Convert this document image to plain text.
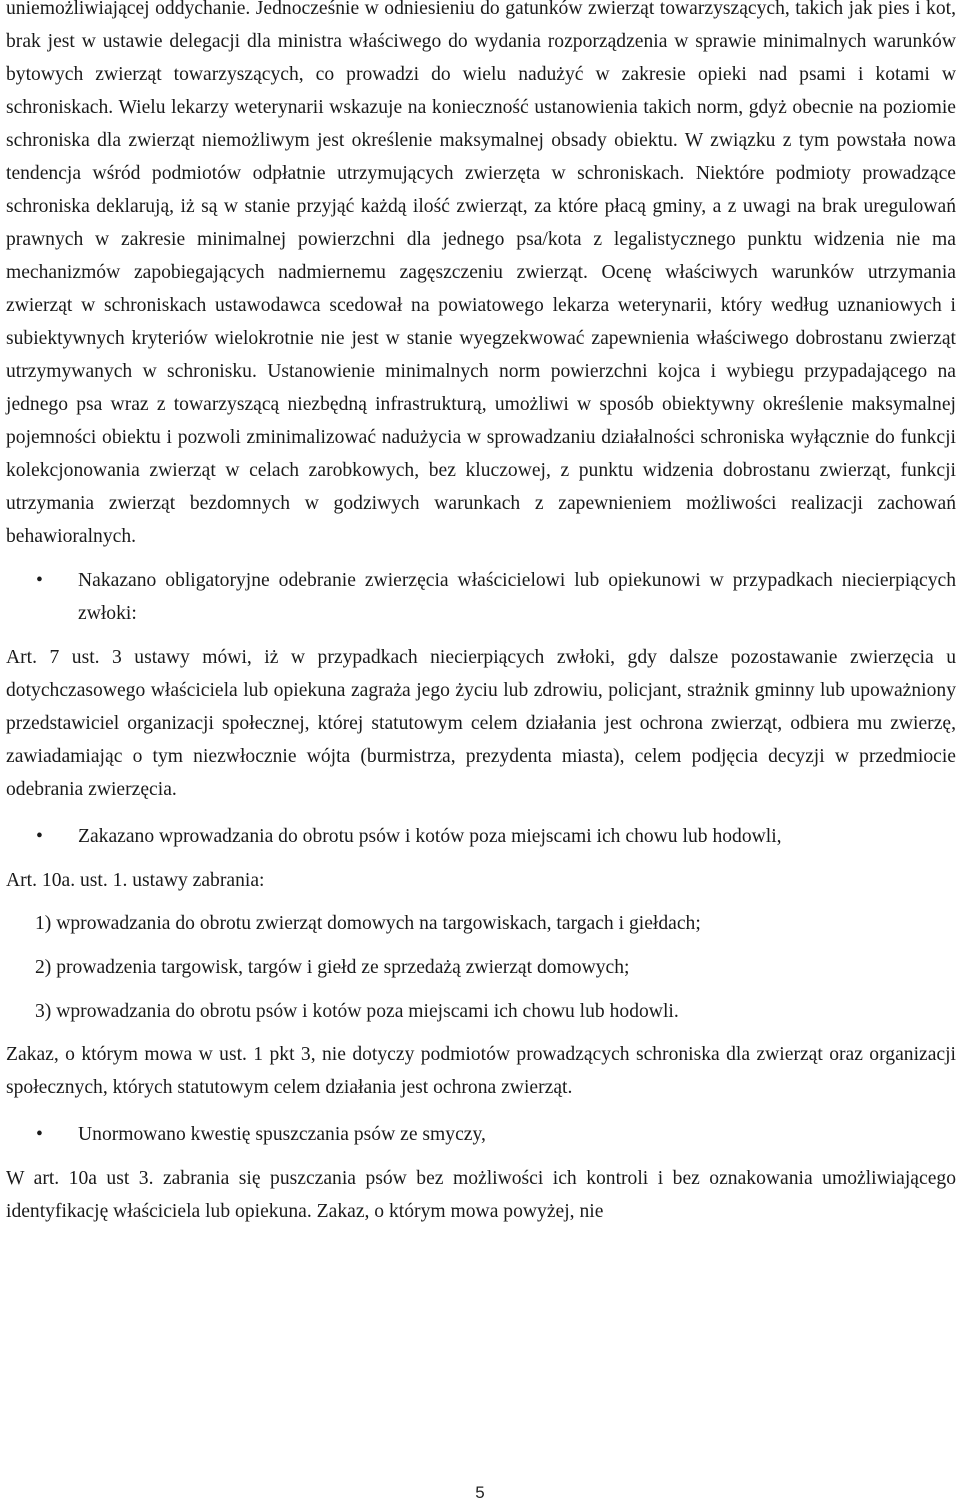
uniemożliwiającej oddychanie. Jednocześnie w odniesieniu do gatunków zwierząt towarzyszących, takich jak pies i kot, brak jest w ustawie delegacji dla ministra właściwego do wydania rozporządzenia w sprawie minimalnych warunków bytowych zwierząt towarzyszących, co prowadzi do wielu nadużyć w zakresie opieki nad psami i kotami w schroniskach. Wielu lekarzy weterynarii wskazuje na konieczność ustanowienia takich norm, gdyż obecnie na poziomie schroniska dla zwierząt niemożliwym jest określenie maksymalnej obsady obiektu. W związku z tym powstała nowa tendencja wśród podmiotów odpłatnie utrzymujących zwierzęta w schroniskach. Niektóre podmioty prowadzące schroniska deklarują, iż są w stanie przyjąć każdą ilość zwierząt, za które płacą gminy, a z uwagi na brak uregulowań prawnych w zakresie minimalnej powierzchni dla jednego psa/kota z legalistycznego punktu widzenia nie ma mechanizmów zapobiegających nadmiernemu zagęszczeniu zwierząt. Ocenę właściwych warunków utrzymania zwierząt w schroniskach ustawodawca scedował na powiatowego lekarza weterynarii, który według uznaniowych i subiektywnych kryteriów wielokrotnie nie jest w stanie wyegzekwować zapewnienia właściwego dobrostanu zwierząt utrzymywanych w schronisku. Ustanowienie minimalnych norm powierzchni kojca i wybiegu przypadającego na jednego psa wraz z towarzyszącą niezbędną infrastrukturą, umożliwi w sposób obiektywny określenie maksymalnej pojemności obiektu i pozwoli zminimalizować nadużycia w sprowadzaniu działalności schroniska wyłącznie do funkcji kolekcjonowania zwierząt w celach zarobkowych, bez kluczowej, z punktu widzenia dobrostanu zwierząt, funkcji utrzymania zwierząt bezdomnych w godziwych warunkach z zapewnieniem możliwości realizacji zachowań behawioralnych.

• Nakazano obligatoryjne odebranie zwierzęcia właścicielowi lub opiekunowi w przypadkach niecierpiących zwłoki:

Art. 7 ust. 3 ustawy mówi, iż w przypadkach niecierpiących zwłoki, gdy dalsze pozostawanie zwierzęcia u dotychczasowego właściciela lub opiekuna zagraża jego życiu lub zdrowiu, policjant, strażnik gminny lub upoważniony przedstawiciel organizacji społecznej, której statutowym celem działania jest ochrona zwierząt, odbiera mu zwierzę, zawiadamiając o tym niezwłocznie wójta (burmistrza, prezydenta miasta), celem podjęcia decyzji w przedmiocie odebrania zwierzęcia.

• Zakazano wprowadzania do obrotu psów i kotów poza miejscami ich chowu lub hodowli,

Art. 10a. ust. 1. ustawy zabrania:

1) wprowadzania do obrotu zwierząt domowych na targowiskach, targach i giełdach;

2) prowadzenia targowisk, targów i giełd ze sprzedażą zwierząt domowych;

3) wprowadzania do obrotu psów i kotów poza miejscami ich chowu lub hodowli.

Zakaz, o którym mowa w ust. 1 pkt 3, nie dotyczy podmiotów prowadzących schroniska dla zwierząt oraz organizacji społecznych, których statutowym celem działania jest ochrona zwierząt.

• Unormowano kwestię spuszczania psów ze smyczy,

W art. 10a ust 3. zabrania się puszczania psów bez możliwości ich kontroli i bez oznakowania umożliwiającego identyfikację właściciela lub opiekuna. Zakaz, o którym mowa powyżej, nie

5
